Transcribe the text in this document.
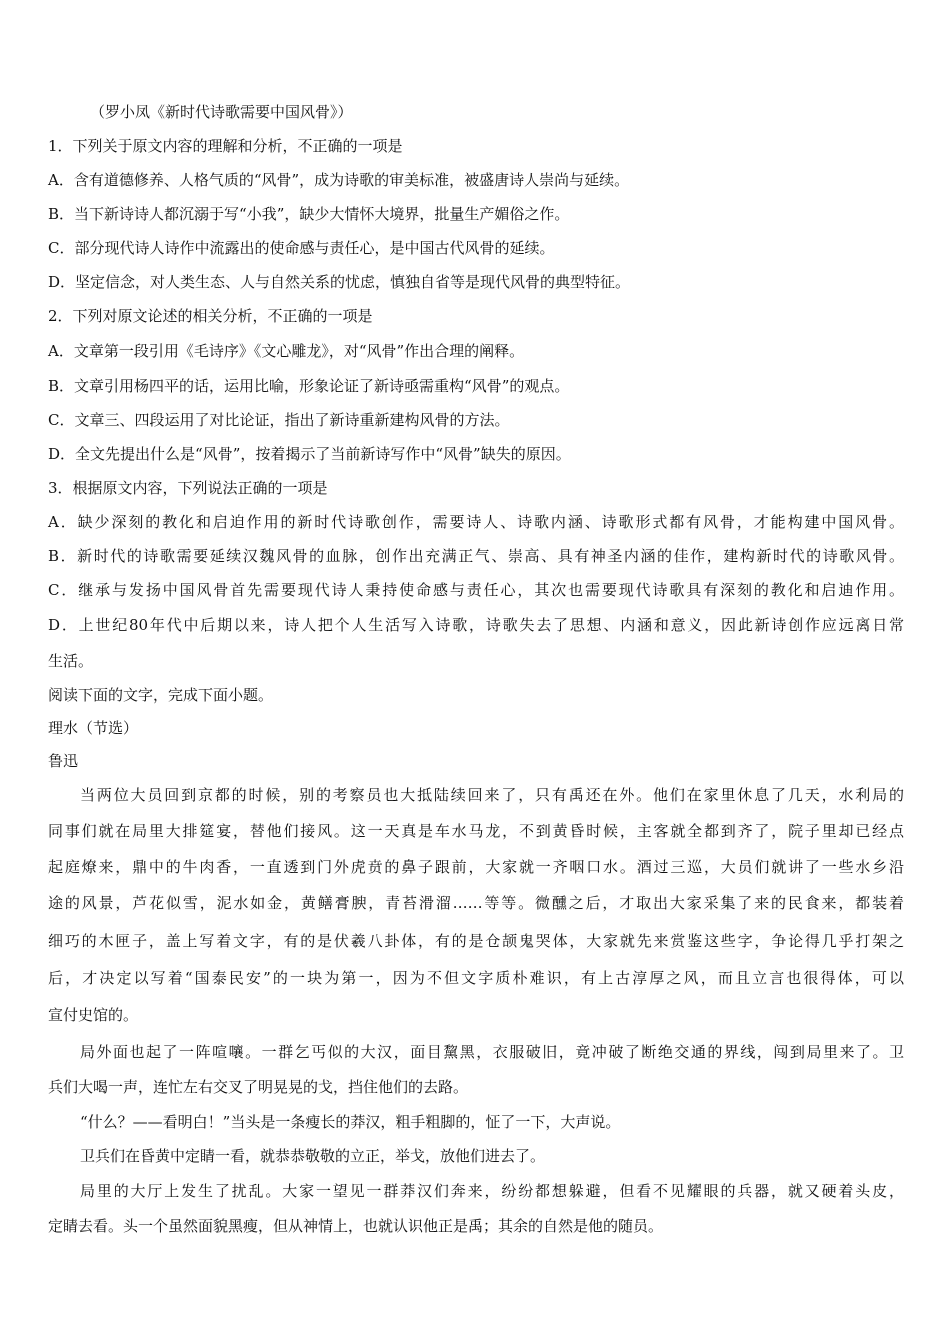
（罗小凤《新时代诗歌需要中国风骨》）
1．下列关于原文内容的理解和分析，不正确的一项是
A．含有道德修养、人格气质的“风骨”，成为诗歌的审美标准，被盛唐诗人崇尚与延续。
B．当下新诗诗人都沉溺于写“小我”，缺少大情怀大境界，批量生产媚俗之作。
C．部分现代诗人诗作中流露出的使命感与责任心，是中国古代风骨的延续。
D．坚定信念，对人类生态、人与自然关系的忧虑，慎独自省等是现代风骨的典型特征。
2．下列对原文论述的相关分析，不正确的一项是
A．文章第一段引用《毛诗序》《文心雕龙》，对“风骨”作出合理的阐释。
B．文章引用杨四平的话，运用比喻，形象论证了新诗亟需重构“风骨”的观点。
C．文章三、四段运用了对比论证，指出了新诗重新建构风骨的方法。
D．全文先提出什么是“风骨”，按着揭示了当前新诗写作中“风骨”缺失的原因。
3．根据原文内容，下列说法正确的一项是
A．缺少深刻的教化和启迫作用的新时代诗歌创作，需要诗人、诗歌内涵、诗歌形式都有风骨，才能构建中国风骨。
B．新时代的诗歌需要延续汉魏风骨的血脉，创作出充满正气、崇高、具有神圣内涵的佳作，建构新时代的诗歌风骨。
C．继承与发扬中国风骨首先需要现代诗人秉持使命感与责任心，其次也需要现代诗歌具有深刻的教化和启迪作用。
D．上世纪80年代中后期以来，诗人把个人生活写入诗歌，诗歌失去了思想、内涵和意义，因此新诗创作应远离日常
生活。
阅读下面的文字，完成下面小题。
理水（节选）
鲁迅
当两位大员回到京都的时候，别的考察员也大抵陆续回来了，只有禹还在外。他们在家里休息了几天，水利局的
同事们就在局里大排筵宴，替他们接风。这一天真是车水马龙，不到黄昏时候，主客就全都到齐了，院子里却已经点
起庭燎来，鼎中的牛肉香，一直透到门外虎贲的鼻子跟前，大家就一齐咽口水。酒过三巡，大员们就讲了一些水乡沿
途的风景，芦花似雪，泥水如金，黄鳝膏腴，青苔滑溜……等等。微醺之后，才取出大家采集了来的民食来，都装着
细巧的木匣子，盖上写着文字，有的是伏羲八卦体，有的是仓颉鬼哭体，大家就先来赏鉴这些字，争论得几乎打架之
后，才决定以写着“国泰民安”的一块为第一，因为不但文字质朴难识，有上古淳厚之风，而且立言也很得体，可以
宣付史馆的。
局外面也起了一阵喧嚷。一群乞丐似的大汉，面目黧黑，衣服破旧，竟冲破了断绝交通的界线，闯到局里来了。卫
兵们大喝一声，连忙左右交叉了明晃晃的戈，挡住他们的去路。
“什么？——看明白！”当头是一条瘦长的莽汉，粗手粗脚的，怔了一下，大声说。
卫兵们在昏黄中定睛一看，就恭恭敬敬的立正，举戈，放他们进去了。
局里的大厅上发生了扰乱。大家一望见一群莽汉们奔来，纷纷都想躲避，但看不见耀眼的兵器，就又硬着头皮，
定睛去看。头一个虽然面貌黑瘦，但从神情上，也就认识他正是禹；其余的自然是他的随员。
